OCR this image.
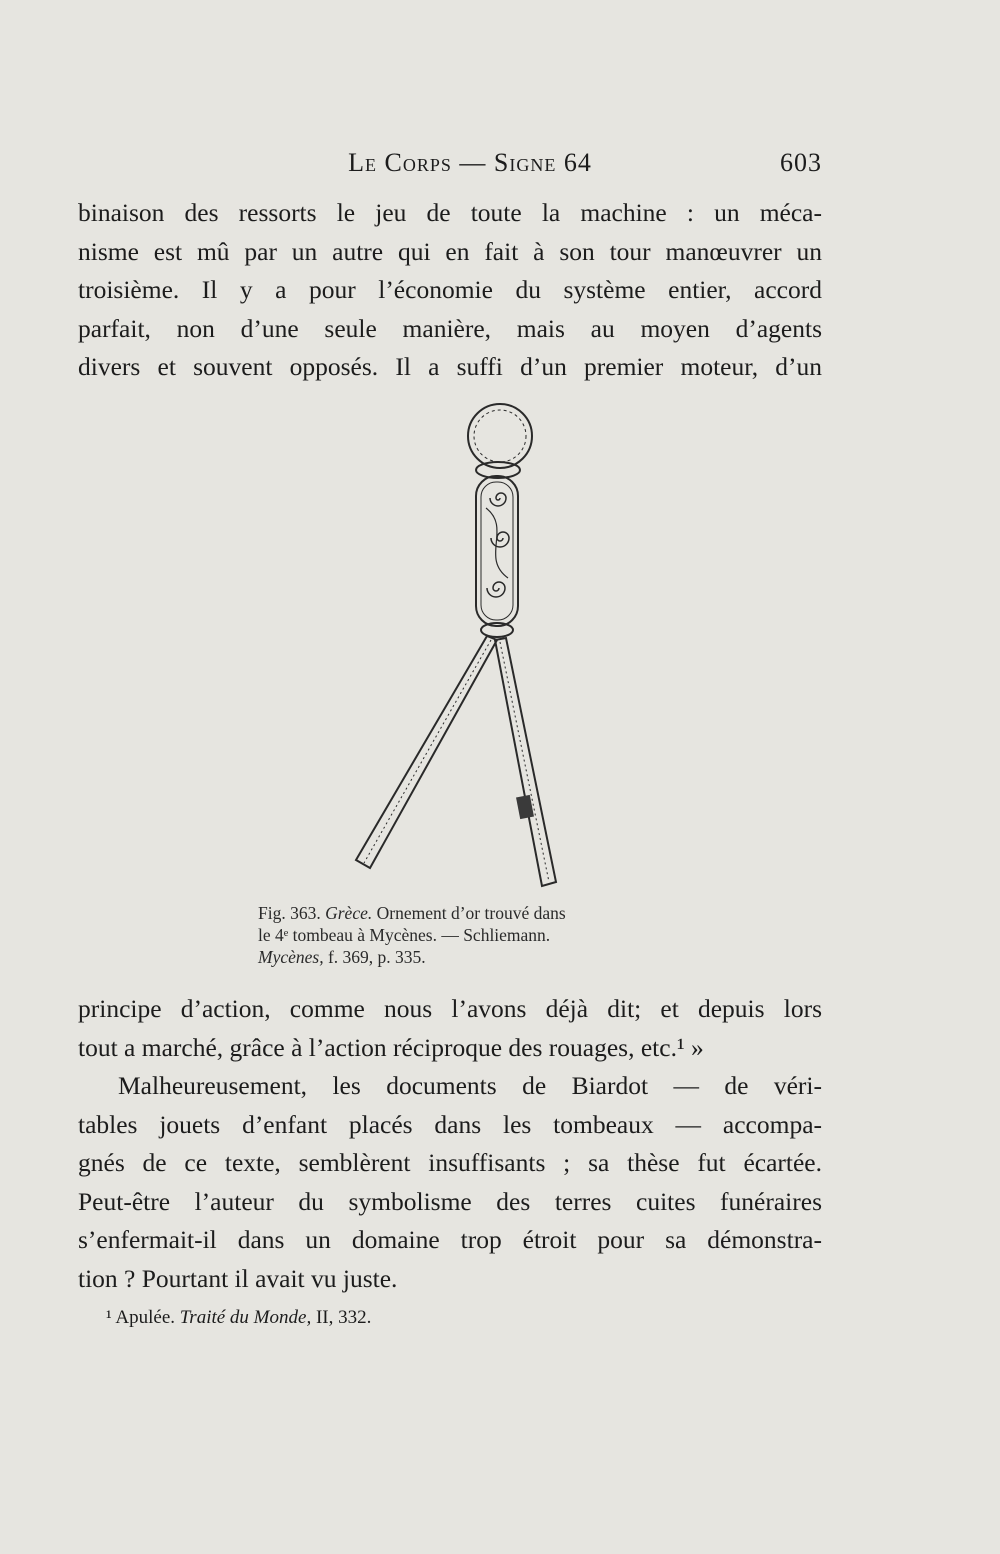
Le Corps — Signe 64	603
binaison des ressorts le jeu de toute la machine : un méca-
nisme est mû par un autre qui en fait à son tour manœuvrer un
troisième. Il y a pour l’économie du système entier, accord
parfait, non d’une seule manière, mais au moyen d’agents
divers et souvent opposés. Il a suffi d’un premier moteur, d’un
Fig. 363. Grèce. Ornement d’or trouvé dans
le 4ᵉ tombeau à Mycènes. — Schliemann.
Mycènes, f. 369, p. 335.
principe d’action, comme nous l’avons déjà dit; et depuis lors
tout a marché, grâce à l’action réciproque des rouages, etc.¹ »
Malheureusement, les documents de Biardot — de véri-
tables jouets d’enfant placés dans les tombeaux — accompa-
gnés de ce texte, semblèrent insuffisants ; sa thèse fut écartée.
Peut-être l’auteur du symbolisme des terres cuites funéraires
s’enfermait-il dans un domaine trop étroit pour sa démonstra-
tion ? Pourtant il avait vu juste.
¹ Apulée. Traité du Monde, II, 332.
